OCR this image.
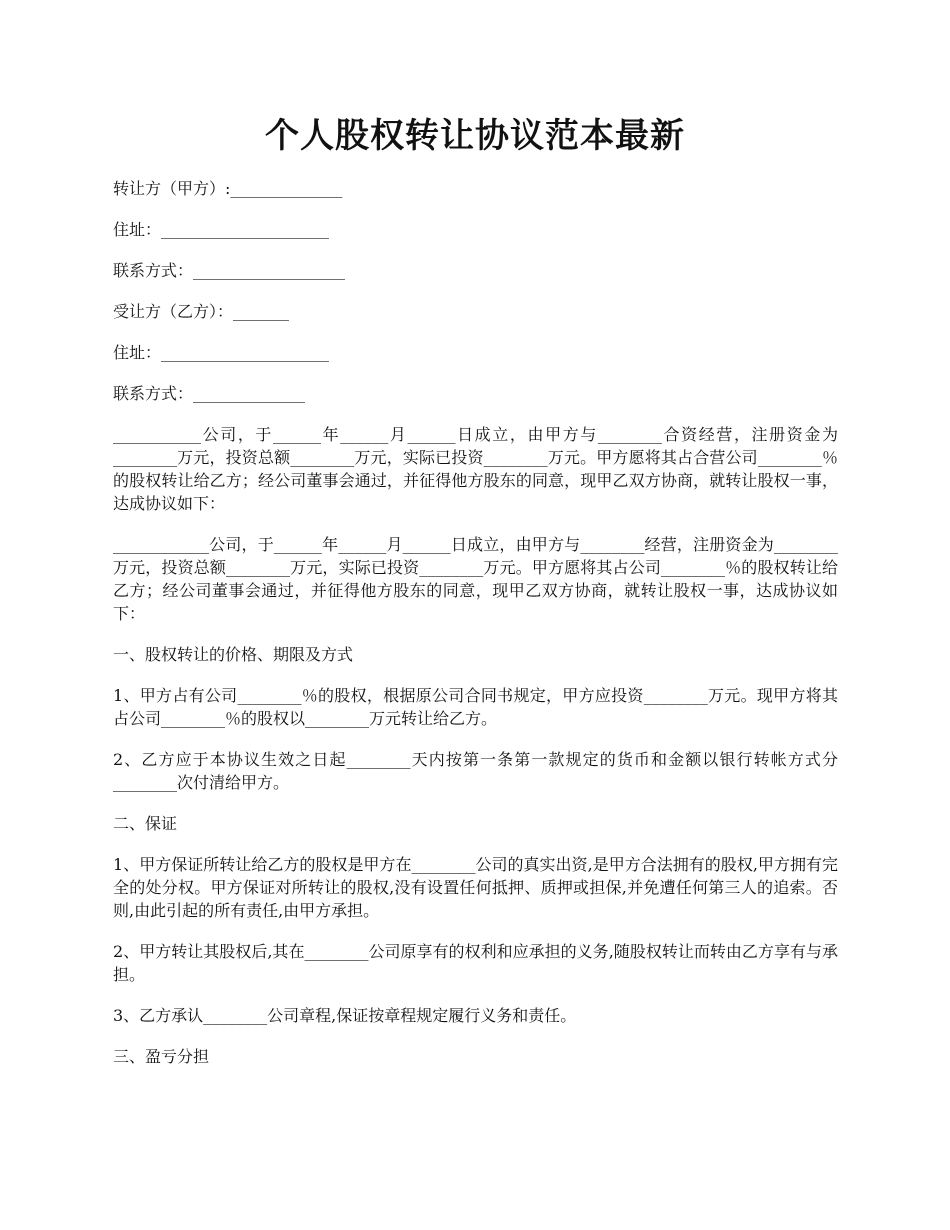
个人股权转让协议范本最新

转让方（甲方）:______________

住址：_____________________

联系方式：___________________

受让方（乙方）：_______

住址：_____________________

联系方式：______________

___________公司，于______年______月______日成立，由甲方与________合资经营，注册资金为________万元，投资总额________万元，实际已投资________万元。甲方愿将其占合营公司________％的股权转让给乙方；经公司董事会通过，并征得他方股东的同意，现甲乙双方协商，就转让股权一事，达成协议如下：

____________公司，于______年______月______日成立，由甲方与________经营，注册资金为________万元，投资总额________万元，实际已投资________万元。甲方愿将其占公司________％的股权转让给乙方；经公司董事会通过，并征得他方股东的同意，现甲乙双方协商，就转让股权一事，达成协议如下：

一、股权转让的价格、期限及方式

1、甲方占有公司________％的股权，根据原公司合同书规定，甲方应投资________万元。现甲方将其占公司________％的股权以________万元转让给乙方。

2、乙方应于本协议生效之日起________天内按第一条第一款规定的货币和金额以银行转帐方式分________次付清给甲方。

二、保证

1、甲方保证所转让给乙方的股权是甲方在________公司的真实出资,是甲方合法拥有的股权,甲方拥有完全的处分权。甲方保证对所转让的股权,没有设置任何抵押、质押或担保,并免遭任何第三人的追索。否则,由此引起的所有责任,由甲方承担。

2、甲方转让其股权后,其在________公司原享有的权利和应承担的义务,随股权转让而转由乙方享有与承担。

3、乙方承认________公司章程,保证按章程规定履行义务和责任。

三、盈亏分担
